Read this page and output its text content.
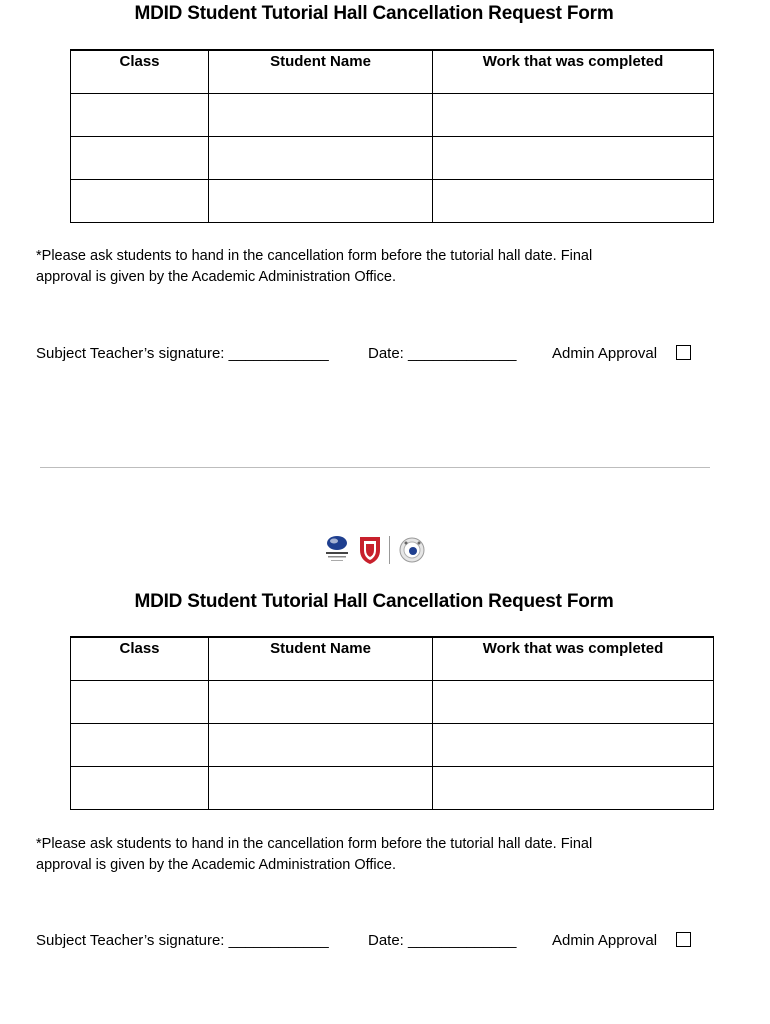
MDID Student Tutorial Hall Cancellation Request Form
Class	Student Name	Work that was completed

*Please ask students to hand in the cancellation form before the tutorial hall date. Final
approval is given by the Academic Administration Office.

Subject Teacher’s signature: ____________	Date: _____________ Admin Approval
MDID Student Tutorial Hall Cancellation Request Form
Class	Student Name	Work that was completed

*Please ask students to hand in the cancellation form before the tutorial hall date. Final
approval is given by the Academic Administration Office.

Subject Teacher’s signature: ____________	Date: _____________ Admin Approval
